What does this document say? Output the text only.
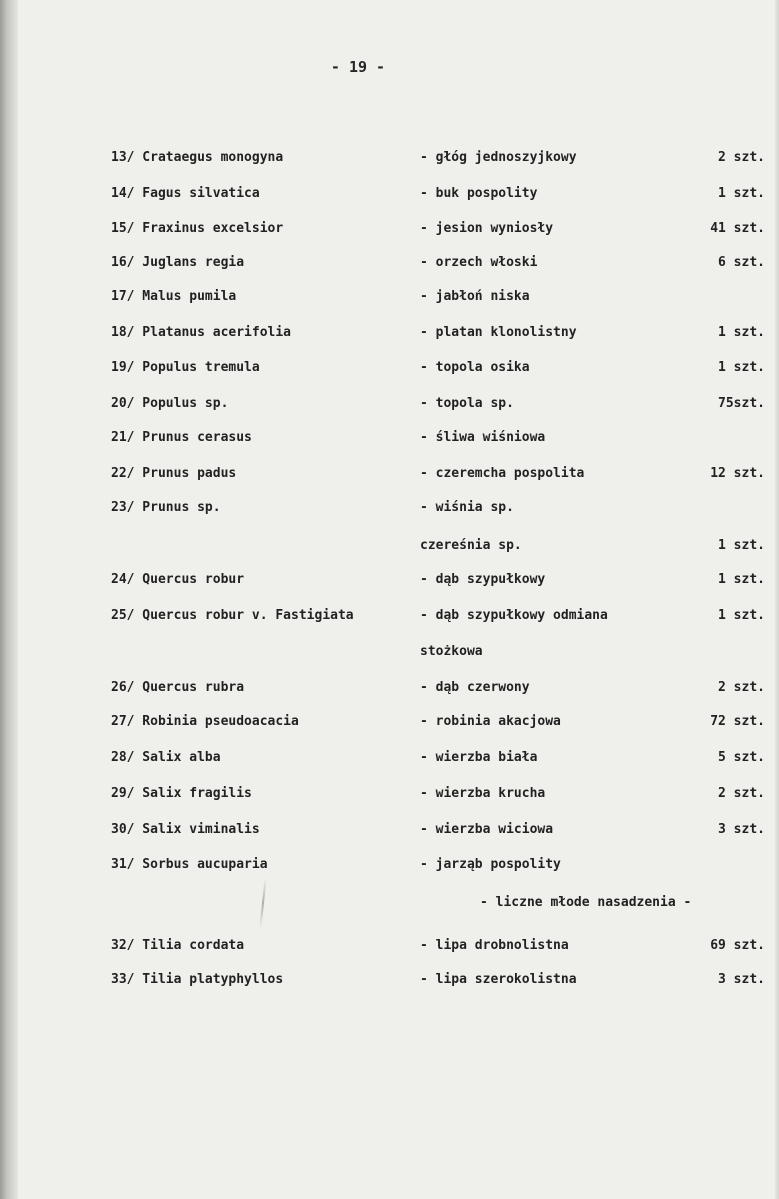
- 19 -
13/ Crataegus monogyna	- głóg jednoszyjkowy	2 szt.
14/ Fagus silvatica	- buk pospolity	1 szt.
15/ Fraxinus excelsior	- jesion wyniosły	41 szt.
16/ Juglans regia	- orzech włoski	6 szt.
17/ Malus pumila	- jabłoń niska
18/ Platanus acerifolia	- platan klonolistny	1 szt.
19/ Populus tremula	- topola osika	1 szt.
20/ Populus sp.	- topola sp.	75szt.
21/ Prunus cerasus	- śliwa wiśniowa
22/ Prunus padus	- czeremcha pospolita	12 szt.
23/ Prunus sp.	- wiśnia sp.
czereśnia sp.	1 szt.
24/ Quercus robur	- dąb szypułkowy	1 szt.
25/ Quercus robur v. Fastigiata	- dąb szypułkowy odmiana	1 szt.
stożkowa
26/ Quercus rubra	- dąb czerwony	2 szt.
27/ Robinia pseudoacacia	- robinia akacjowa	72 szt.
28/ Salix alba	- wierzba biała	5 szt.
29/ Salix fragilis	- wierzba krucha	2 szt.
30/ Salix viminalis	- wierzba wiciowa	3 szt.
31/ Sorbus aucuparia	- jarząb pospolity
- liczne młode nasadzenia -
32/ Tilia cordata	- lipa drobnolistna	69 szt.
33/ Tilia platyphyllos	- lipa szerokolistna	3 szt.
